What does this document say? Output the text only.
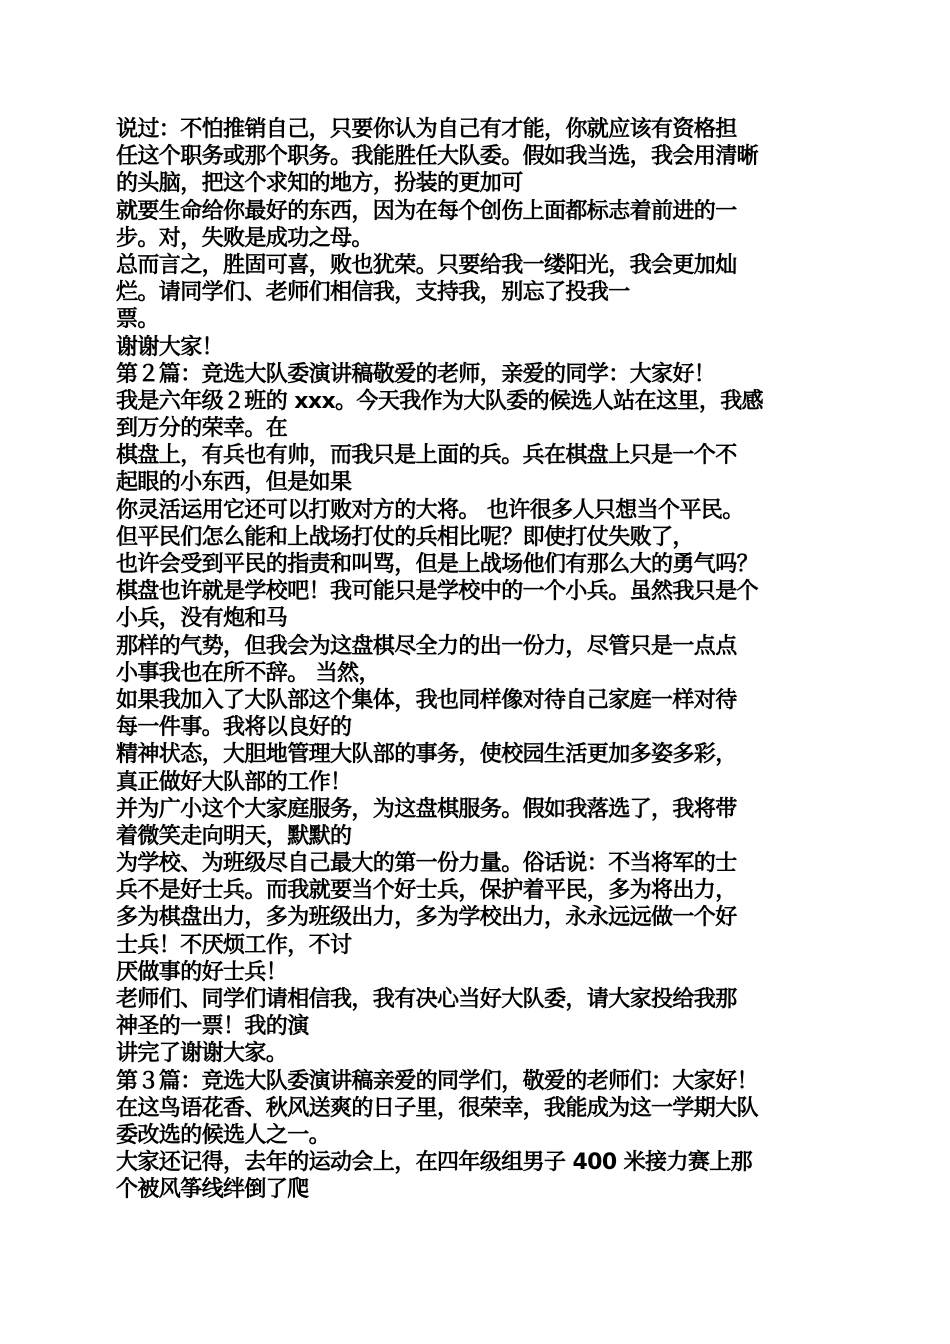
说过：不怕推销自己，只要你认为自己有才能，你就应该有资格担
任这个职务或那个职务。我能胜任大队委。假如我当选，我会用清晰
的头脑，把这个求知的地方，扮装的更加可
就要生命给你最好的东西，因为在每个创伤上面都标志着前进的一
步。对，失败是成功之母。
总而言之，胜固可喜，败也犹荣。只要给我一缕阳光，我会更加灿
烂。请同学们、老师们相信我，支持我，别忘了投我一
票。
谢谢大家！
第２篇：竞选大队委演讲稿敬爱的老师，亲爱的同学：大家好！
我是六年级２班的 xxx。今天我作为大队委的候选人站在这里，我感
到万分的荣幸。在
棋盘上，有兵也有帅，而我只是上面的兵。兵在棋盘上只是一个不
起眼的小东西，但是如果
你灵活运用它还可以打败对方的大将。 也许很多人只想当个平民。
但平民们怎么能和上战场打仗的兵相比呢？即使打仗失败了，
也许会受到平民的指责和叫骂，但是上战场他们有那么大的勇气吗？
棋盘也许就是学校吧！我可能只是学校中的一个小兵。虽然我只是个
小兵，没有炮和马
那样的气势，但我会为这盘棋尽全力的出一份力，尽管只是一点点
小事我也在所不辞。 当然，
如果我加入了大队部这个集体，我也同样像对待自己家庭一样对待
每一件事。我将以良好的
精神状态，大胆地管理大队部的事务，使校园生活更加多姿多彩，
真正做好大队部的工作！
并为广小这个大家庭服务，为这盘棋服务。假如我落选了，我将带
着微笑走向明天，默默的
为学校、为班级尽自己最大的第一份力量。俗话说：不当将军的士
兵不是好士兵。而我就要当个好士兵，保护着平民，多为将出力，
多为棋盘出力，多为班级出力，多为学校出力，永永远远做一个好
士兵！不厌烦工作，不讨
厌做事的好士兵！
老师们、同学们请相信我，我有决心当好大队委，请大家投给我那
神圣的一票！我的演
讲完了谢谢大家。
第３篇：竞选大队委演讲稿亲爱的同学们，敬爱的老师们：大家好！
在这鸟语花香、秋风送爽的日子里，很荣幸，我能成为这一学期大队
委改选的候选人之一。
大家还记得，去年的运动会上，在四年级组男子 400 米接力赛上那
个被风筝线绊倒了爬
